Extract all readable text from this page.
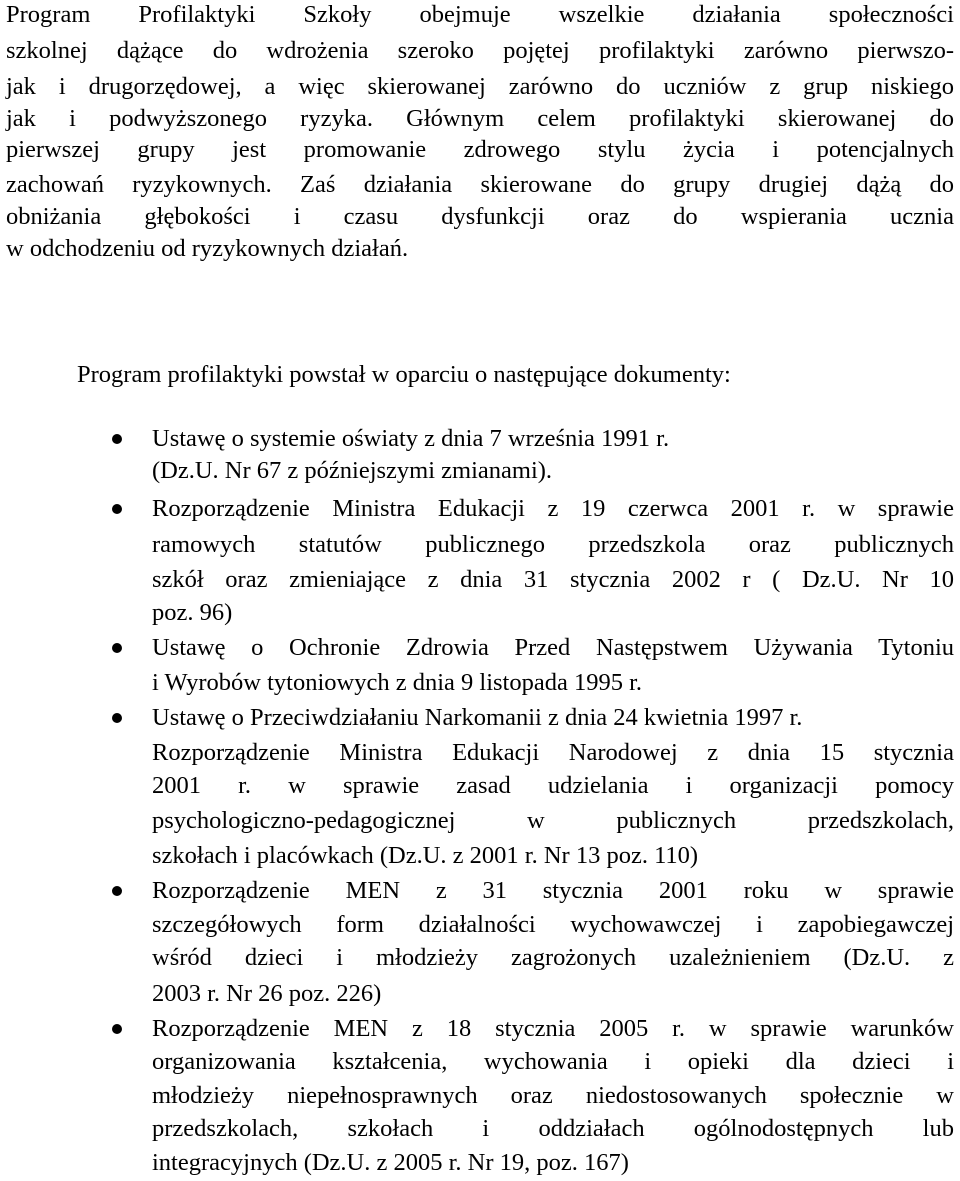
Program Profilaktyki Szkoły obejmuje wszelkie działania społeczności
szkolnej dążące do wdrożenia szeroko pojętej profilaktyki zarówno pierwszo-
jak i drugorzędowej, a więc skierowanej zarówno do uczniów z grup niskiego
jak i podwyższonego ryzyka. Głównym celem profilaktyki skierowanej do
pierwszej grupy jest promowanie zdrowego stylu życia i potencjalnych
zachowań ryzykownych. Zaś działania skierowane do grupy drugiej dążą do
obniżania głębokości i czasu dysfunkcji oraz do wspierania ucznia
w odchodzeniu od ryzykownych działań.
Program profilaktyki powstał w oparciu o następujące dokumenty:
Ustawę o systemie oświaty z dnia 7 września 1991 r.
(Dz.U. Nr 67 z późniejszymi zmianami).
Rozporządzenie Ministra Edukacji z 19 czerwca 2001 r. w sprawie
ramowych statutów publicznego przedszkola oraz publicznych
szkół oraz zmieniające z dnia 31 stycznia 2002 r ( Dz.U. Nr 10
poz. 96)
Ustawę o Ochronie Zdrowia Przed Następstwem Używania Tytoniu
i Wyrobów tytoniowych z dnia 9 listopada 1995 r.
Ustawę o Przeciwdziałaniu Narkomanii z dnia 24 kwietnia 1997 r.
Rozporządzenie Ministra Edukacji Narodowej z dnia 15 stycznia
2001 r. w sprawie zasad udzielania i organizacji pomocy
psychologiczno-pedagogicznej w publicznych przedszkolach,
szkołach i placówkach (Dz.U. z 2001 r. Nr 13 poz. 110)
Rozporządzenie MEN z 31 stycznia 2001 roku w sprawie
szczegółowych form działalności wychowawczej i zapobiegawczej
wśród dzieci i młodzieży zagrożonych uzależnieniem (Dz.U. z
2003 r. Nr 26 poz. 226)
Rozporządzenie MEN z 18 stycznia 2005 r. w sprawie warunków
organizowania kształcenia, wychowania i opieki dla dzieci i
młodzieży niepełnosprawnych oraz niedostosowanych społecznie w
przedszkolach, szkołach i oddziałach ogólnodostępnych lub
integracyjnych (Dz.U. z 2005 r. Nr 19, poz. 167)
